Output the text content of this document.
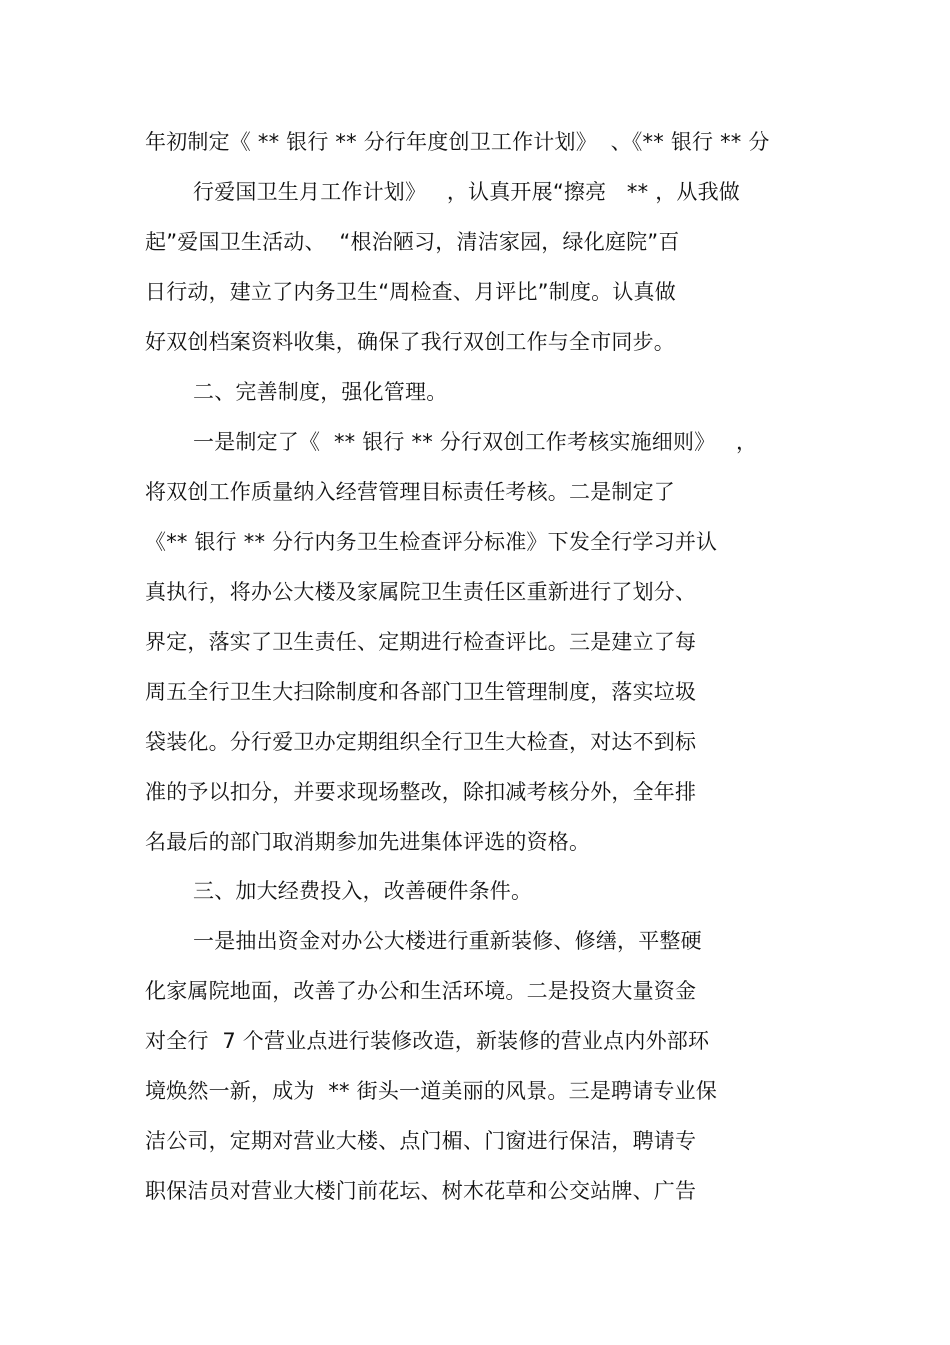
年初制定《 ** 银行 ** 分行年度创卫工作计划》  、《** 银行 ** 分
行爱国卫生月工作计划》   ，认真开展“擦亮   ** ，从我做
起”爱国卫生活动、  “根治陋习，清洁家园，绿化庭院”百
日行动，建立了内务卫生“周检查、月评比”制度。认真做
好双创档案资料收集，确保了我行双创工作与全市同步。
二、完善制度，强化管理。
一是制定了《  ** 银行 ** 分行双创工作考核实施细则》   ，
将双创工作质量纳入经营管理目标责任考核。二是制定了
《** 银行 ** 分行内务卫生检查评分标准》下发全行学习并认
真执行，将办公大楼及家属院卫生责任区重新进行了划分、
界定，落实了卫生责任、定期进行检查评比。三是建立了每
周五全行卫生大扫除制度和各部门卫生管理制度，落实垃圾
袋装化。分行爱卫办定期组织全行卫生大检查，对达不到标
准的予以扣分，并要求现场整改，除扣减考核分外，全年排
名最后的部门取消期参加先进集体评选的资格。
三、加大经费投入，改善硬件条件。
一是抽出资金对办公大楼进行重新装修、修缮，平整硬
化家属院地面，改善了办公和生活环境。二是投资大量资金
对全行  7 个营业点进行装修改造，新装修的营业点内外部环
境焕然一新，成为  ** 街头一道美丽的风景。三是聘请专业保
洁公司，定期对营业大楼、点门楣、门窗进行保洁，聘请专
职保洁员对营业大楼门前花坛、树木花草和公交站牌、广告
